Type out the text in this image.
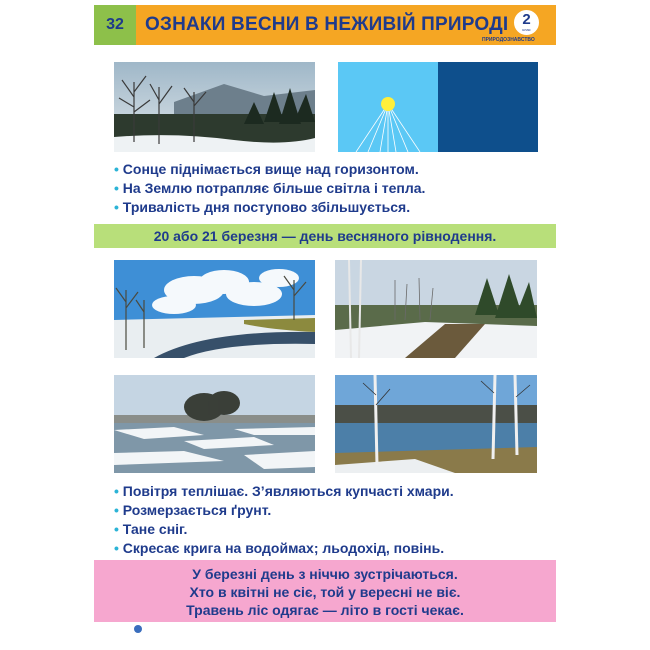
32	ОЗНАКИ ВЕСНИ В НЕЖИВІЙ ПРИРОДІ 2
клас
ПРИРОДОЗНАВСТВО
• Сонце піднімається вище над горизонтом.
• На Землю потрапляє більше світла і тепла.
• Тривалість дня поступово збільшується.
20 або 21 березня — день весняного рівнодення.
• Повітря теплішає. З’являються купчасті хмари.
• Розмерзається ґрунт.
• Тане сніг.
• Скресає крига на водоймах; льодохід, повінь.
У березні день з ніччю зустрічаються.
Хто в квітні не сіє, той у вересні не віє.
Травень ліс одягає — літо в гості чекає.
